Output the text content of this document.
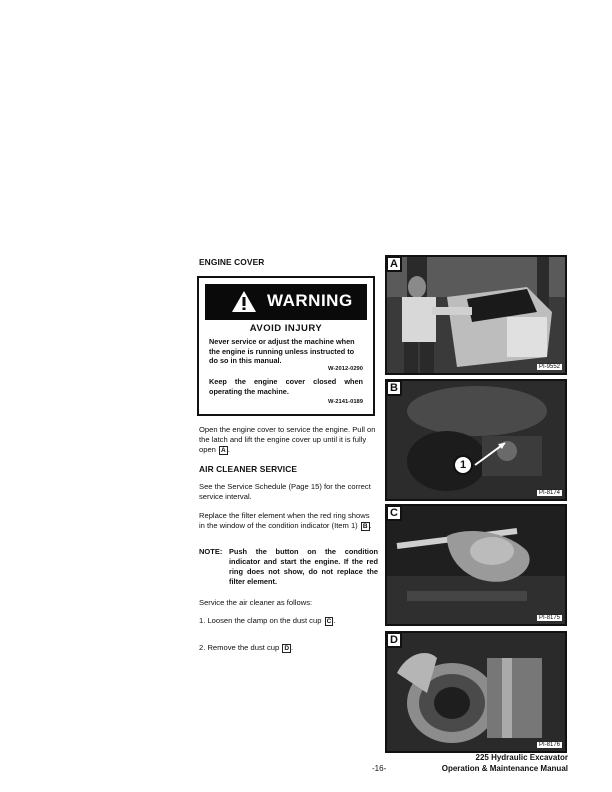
ENGINE COVER
WARNING
AVOID INJURY
Never service or adjust the machine when the engine is running unless instructed to do so in this manual.
W-2012-0290
Keep the engine cover closed when operating the machine.
W-2141-0189
Open the engine cover to service the engine. Pull on the latch and lift the engine cover up until it is fully open A .
AIR CLEANER SERVICE
See the Service Schedule (Page 15) for the correct service interval.
Replace the filter element when the red ring shows in the window of the condition indicator (Item 1) B .
NOTE: Push the button on the condition indicator and start the engine. If the red ring does not show, do not replace the filter element.
Service the air cleaner as follows:
1. Loosen the clamp on the dust cup C .
2. Remove the dust cup D .
A
PI-9552
B
1
PI-8174
C
PI-8175
D
PI-8176
-16-
225 Hydraulic Excavator
Operation & Maintenance Manual
